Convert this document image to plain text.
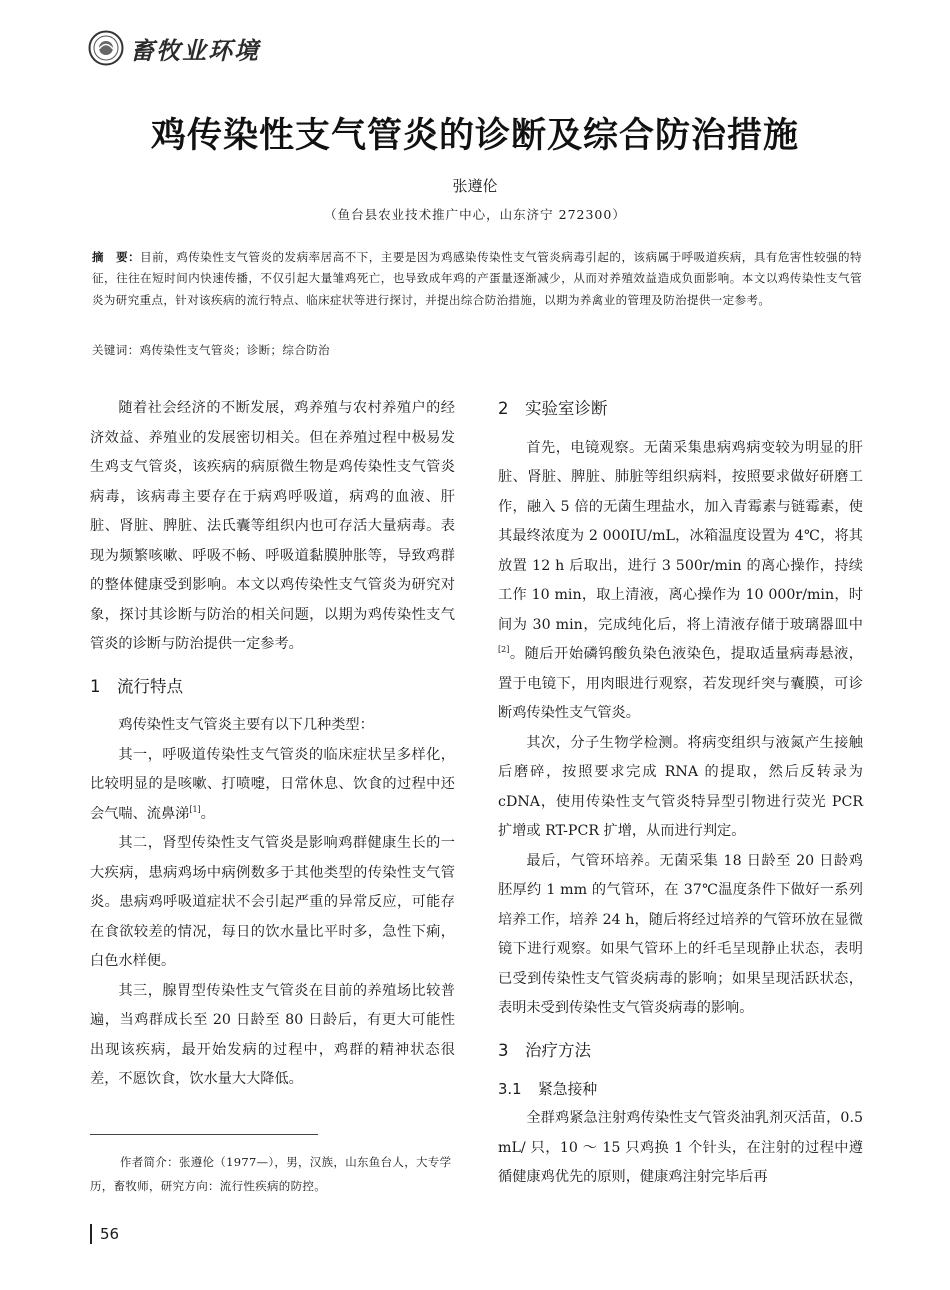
畜牧业环境
鸡传染性支气管炎的诊断及综合防治措施
张遵伦
（鱼台县农业技术推广中心，山东济宁 272300）
摘　要：目前，鸡传染性支气管炎的发病率居高不下，主要是因为鸡感染传染性支气管炎病毒引起的，该病属于呼吸道疾病，具有危害性较强的特征，往往在短时间内快速传播，不仅引起大量雏鸡死亡，也导致成年鸡的产蛋量逐渐减少，从而对养殖效益造成负面影响。本文以鸡传染性支气管炎为研究重点，针对该疾病的流行特点、临床症状等进行探讨，并提出综合防治措施，以期为养禽业的管理及防治提供一定参考。
关键词：鸡传染性支气管炎；诊断；综合防治

随着社会经济的不断发展，鸡养殖与农村养殖户的经济效益、养殖业的发展密切相关。但在养殖过程中极易发生鸡支气管炎，该疾病的病原微生物是鸡传染性支气管炎病毒，该病毒主要存在于病鸡呼吸道，病鸡的血液、肝脏、肾脏、脾脏、法氏囊等组织内也可存活大量病毒。表现为频繁咳嗽、呼吸不畅、呼吸道黏膜肿胀等，导致鸡群的整体健康受到影响。本文以鸡传染性支气管炎为研究对象，探讨其诊断与防治的相关问题，以期为鸡传染性支气管炎的诊断与防治提供一定参考。

1 流行特点

鸡传染性支气管炎主要有以下几种类型：

其一，呼吸道传染性支气管炎的临床症状呈多样化，比较明显的是咳嗽、打喷嚏，日常休息、饮食的过程中还会气喘、流鼻涕[1]。

其二，肾型传染性支气管炎是影响鸡群健康生长的一大疾病，患病鸡场中病例数多于其他类型的传染性支气管炎。患病鸡呼吸道症状不会引起严重的异常反应，可能存在食欲较差的情况，每日的饮水量比平时多，急性下痢，白色水样便。

其三，腺胃型传染性支气管炎在目前的养殖场比较普遍，当鸡群成长至 20 日龄至 80 日龄后，有更大可能性出现该疾病，最开始发病的过程中，鸡群的精神状态很差，不愿饮食，饮水量大大降低。

2 实验室诊断

首先，电镜观察。无菌采集患病鸡病变较为明显的肝脏、肾脏、脾脏、肺脏等组织病料，按照要求做好研磨工作，融入 5 倍的无菌生理盐水，加入青霉素与链霉素，使其最终浓度为 2 000IU/mL，冰箱温度设置为 4℃，将其放置 12 h 后取出，进行 3 500r/min 的离心操作，持续工作 10 min，取上清液，离心操作为 10 000r/min，时间为 30 min，完成纯化后，将上清液存储于玻璃器皿中[2]。随后开始磷钨酸负染色液染色，提取适量病毒悬液，置于电镜下，用肉眼进行观察，若发现纤突与囊膜，可诊断鸡传染性支气管炎。

其次，分子生物学检测。将病变组织与液氮产生接触后磨碎，按照要求完成 RNA 的提取，然后反转录为 cDNA，使用传染性支气管炎特异型引物进行荧光 PCR 扩增或 RT-PCR 扩增，从而进行判定。

最后，气管环培养。无菌采集 18 日龄至 20 日龄鸡胚厚约 1 mm 的气管环，在 37℃温度条件下做好一系列培养工作，培养 24 h，随后将经过培养的气管环放在显微镜下进行观察。如果气管环上的纤毛呈现静止状态，表明已受到传染性支气管炎病毒的影响；如果呈现活跃状态，表明未受到传染性支气管炎病毒的影响。

3 治疗方法
3.1 紧急接种

全群鸡紧急注射鸡传染性支气管炎油乳剂灭活苗，0.5 mL/ 只，10 ～ 15 只鸡换 1 个针头，在注射的过程中遵循健康鸡优先的原则，健康鸡注射完毕后再

作者简介：张遵伦（1977—），男，汉族，山东鱼台人，大专学历，畜牧师，研究方向：流行性疾病的防控。
56
